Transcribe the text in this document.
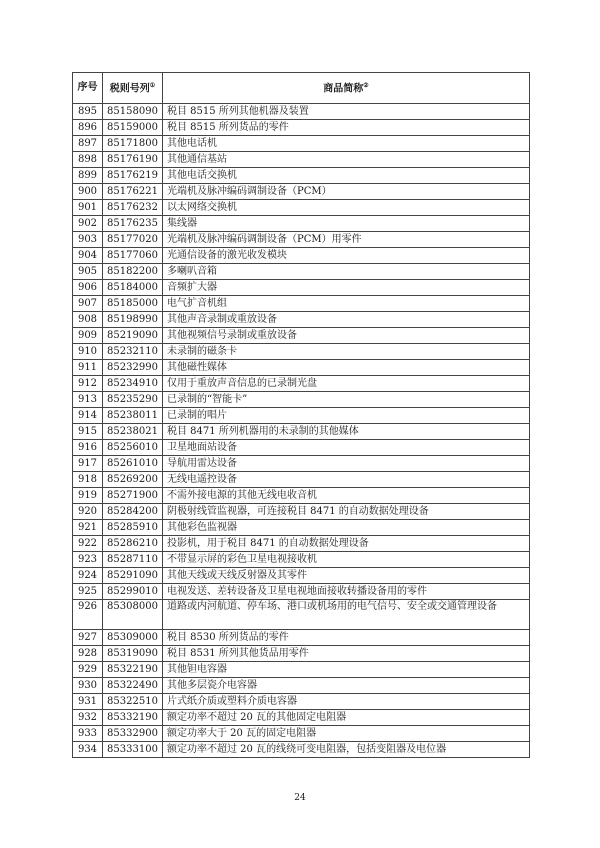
序号	税则号列①	商品简称②
895	85158090	税目 8515 所列其他机器及装置
896	85159000	税目 8515 所列货品的零件
897	85171800	其他电话机
898	85176190	其他通信基站
899	85176219	其他电话交换机
900	85176221	光端机及脉冲编码调制设备（PCM）
901	85176232	以太网络交换机
902	85176235	集线器
903	85177020	光端机及脉冲编码调制设备（PCM）用零件
904	85177060	光通信设备的激光收发模块
905	85182200	多喇叭音箱
906	85184000	音频扩大器
907	85185000	电气扩音机组
908	85198990	其他声音录制或重放设备
909	85219090	其他视频信号录制或重放设备
910	85232110	未录制的磁条卡
911	85232990	其他磁性媒体
912	85234910	仅用于重放声音信息的已录制光盘
913	85235290	已录制的“智能卡”
914	85238011	已录制的唱片
915	85238021	税目 8471 所列机器用的未录制的其他媒体
916	85256010	卫星地面站设备
917	85261010	导航用雷达设备
918	85269200	无线电遥控设备
919	85271900	不需外接电源的其他无线电收音机
920	85284200	阴极射线管监视器，可连接税目 8471 的自动数据处理设备
921	85285910	其他彩色监视器
922	85286210	投影机，用于税目 8471 的自动数据处理设备
923	85287110	不带显示屏的彩色卫星电视接收机
924	85291090	其他天线或天线反射器及其零件
925	85299010	电视发送、差转设备及卫星电视地面接收转播设备用的零件
926	85308000	道路或内河航道、停车场、港口或机场用的电气信号、安全或交通管理设备
927	85309000	税目 8530 所列货品的零件
928	85319090	税目 8531 所列其他货品用零件
929	85322190	其他钽电容器
930	85322490	其他多层瓷介电容器
931	85322510	片式纸介质或塑料介质电容器
932	85332190	额定功率不超过 20 瓦的其他固定电阻器
933	85332900	额定功率大于 20 瓦的固定电阻器
934	85333100	额定功率不超过 20 瓦的线绕可变电阻器，包括变阻器及电位器
24
